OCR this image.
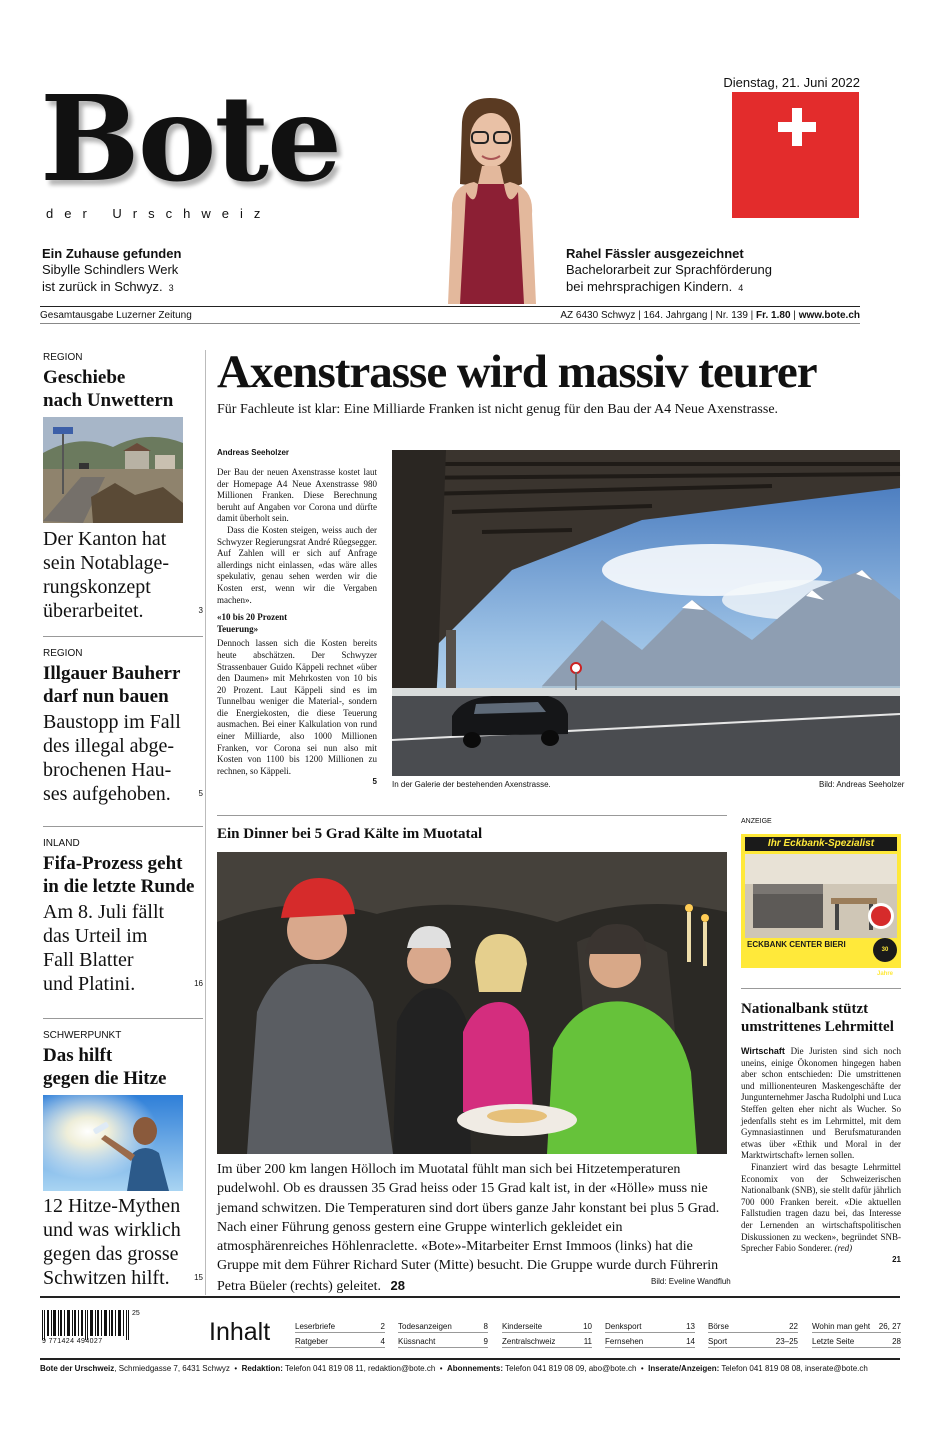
Bote
der Urschweiz
Dienstag, 21. Juni 2022
Ein Zuhause gefunden
Sibylle Schindlers Werk
ist zurück in Schwyz. 3
Rahel Fässler ausgezeichnet
Bachelorarbeit zur Sprachförderung
bei mehrsprachigen Kindern. 4
Gesamtausgabe Luzerner Zeitung	AZ 6430 Schwyz | 164. Jahrgang | Nr. 139 | Fr. 1.80 | www.bote.ch
REGION
Geschiebe
nach Unwettern
Der Kanton hat
sein Notablage-
rungskonzept
überarbeitet.	3
REGION
Illgauer Bauherr
darf nun bauen
Baustopp im Fall
des illegal abge-
brochenen Hau-
ses aufgehoben.	5
INLAND
Fifa-Prozess geht
in die letzte Runde
Am 8. Juli fällt
das Urteil im
Fall Blatter
und Platini.	16
SCHWERPUNKT
Das hilft
gegen die Hitze
12 Hitze-Mythen
und was wirklich
gegen das grosse
Schwitzen hilft.	15
Axenstrasse wird massiv teurer
Für Fachleute ist klar: Eine Milliarde Franken ist nicht genug für den Bau der A4 Neue Axenstrasse.
Andreas Seeholzer
Der Bau der neuen Axenstrasse kostet laut der Homepage A4 Neue Axenstrasse 980 Millionen Franken. Diese Berechnung beruht auf Angaben vor Corona und dürfte damit überholt sein.
Dass die Kosten steigen, weiss auch der Schwyzer Regierungsrat André Rüegsegger. Auf Zahlen will er sich auf Anfrage allerdings nicht einlassen, «das wäre alles spekulativ, genau sehen werden wir die Kosten erst, wenn wir die Vergaben machen».
«10 bis 20 Prozent
Teuerung»
Dennoch lassen sich die Kosten bereits heute abschätzen. Der Schwyzer Strassenbauer Guido Käppeli rechnet «über den Daumen» mit Mehrkosten von 10 bis 20 Prozent. Laut Käppeli sind es im Tunnelbau weniger die Material-, sondern die Energiekosten, die diese Teuerung ausmachen. Bei einer Kalkulation von rund einer Milliarde, also 1000 Millionen Franken, vor Corona sei nun also mit Kosten von 1100 bis 1200 Millionen zu rechnen, so Käppeli.
5 In der Galerie der bestehenden Axenstrasse.	Bild: Andreas Seeholzer
Ein Dinner bei 5 Grad Kälte im Muotatal
Im über 200 km langen Hölloch im Muotatal fühlt man sich bei Hitzetemperaturen pudelwohl. Ob es draussen 35 Grad heiss oder 15 Grad kalt ist, in der «Hölle» muss nie jemand schwitzen. Die Temperaturen sind dort übers ganze Jahr konstant bei plus 5 Grad. Nach einer Führung genoss gestern eine Gruppe winterlich gekleidet ein atmosphärenreiches Höhlenraclette. «Bote»-Mitarbeiter Ernst Immoos (links) hat die Gruppe mit dem Führer Richard Suter (Mitte) besucht. Die Gruppe wurde durch Führerin Petra Büeler (rechts) geleitet. 28	Bild: Eveline Wandfluh
ANZEIGE
Ihr Eckbank-Spezialist
ECKBANK CENTER BIERI
30 Jahre
Nationalbank stützt
umstrittenes Lehrmittel
Wirtschaft Die Juristen sind sich noch uneins, einige Ökonomen hingegen haben aber schon entschieden: Die umstrittenen und millionenteuren Maskengeschäfte der Jungunternehmer Jascha Rudolphi und Luca Steffen gelten eher nicht als Wucher. So jedenfalls steht es im Lehrmittel, mit dem Gymnasiastinnen und Berufsmaturanden etwas über «Ethik und Moral in der Marktwirtschaft» lernen sollen.
Finanziert wird das besagte Lehrmittel Economix von der Schweizerischen Nationalbank (SNB), sie stellt dafür jährlich 700 000 Franken bereit. «Die aktuellen Fallstudien tragen dazu bei, das Interesse der Lernenden an wirtschaftspolitischen Diskussionen zu wecken», begründet SNB-Sprecher Fabio Sonderer. (red)
21
9 771424 494027
25
Inhalt	Leserbriefe	2
Ratgeber	4
Todesanzeigen	8
Küssnacht	9
Kinderseite	10
Zentralschweiz	11
Denksport	13
Fernsehen	14
Börse	22
Sport	23–25
Wohin man geht 26, 27
Letzte Seite	28
Bote der Urschweiz, Schmiedgasse 7, 6431 Schwyz  •  Redaktion: Telefon 041 819 08 11, redaktion@bote.ch  •  Abonnements: Telefon 041 819 08 09, abo@bote.ch  •  Inserate/Anzeigen: Telefon 041 819 08 08, inserate@bote.ch
